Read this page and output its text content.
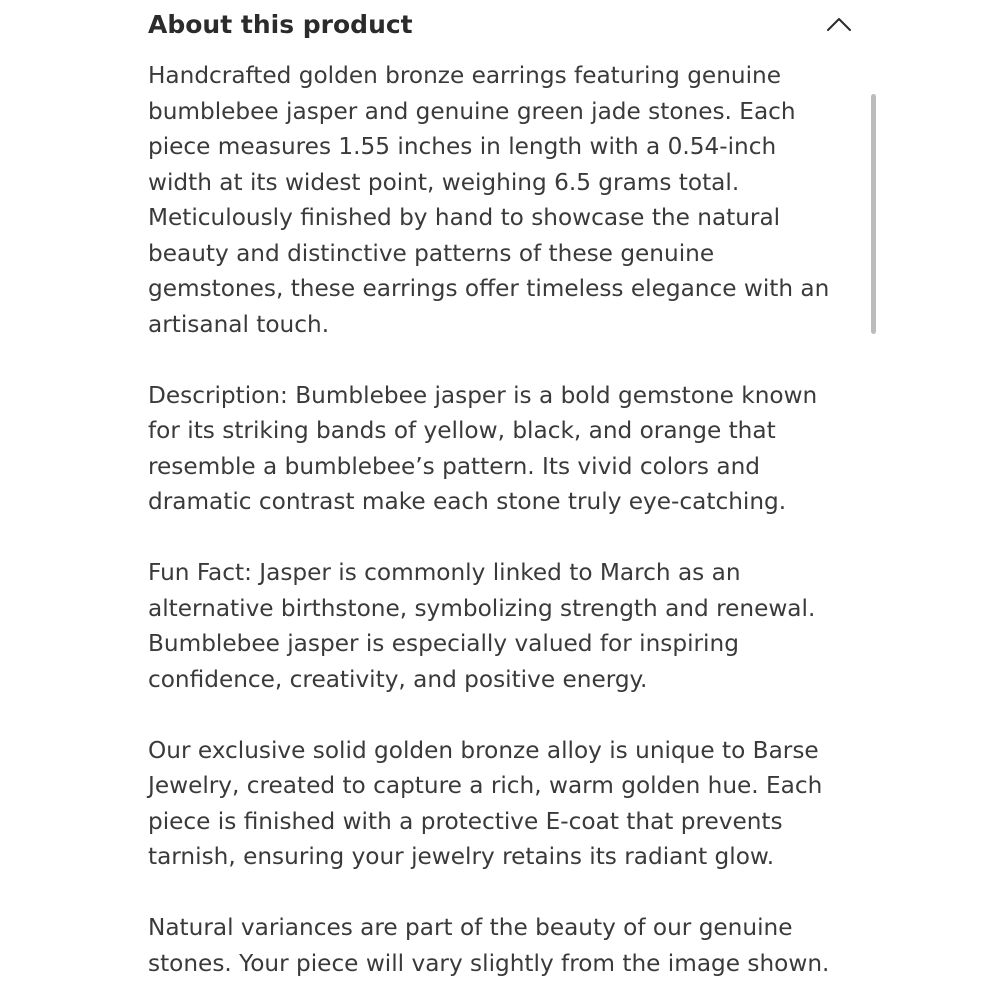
About this product

Handcrafted golden bronze earrings featuring genuine
bumblebee jasper and genuine green jade stones. Each
piece measures 1.55 inches in length with a 0.54-inch
width at its widest point, weighing 6.5 grams total.
Meticulously finished by hand to showcase the natural
beauty and distinctive patterns of these genuine
gemstones, these earrings offer timeless elegance with an
artisanal touch.

Description: Bumblebee jasper is a bold gemstone known
for its striking bands of yellow, black, and orange that
resemble a bumblebee’s pattern. Its vivid colors and
dramatic contrast make each stone truly eye-catching.

Fun Fact: Jasper is commonly linked to March as an
alternative birthstone, symbolizing strength and renewal.
Bumblebee jasper is especially valued for inspiring
confidence, creativity, and positive energy.

Our exclusive solid golden bronze alloy is unique to Barse
Jewelry, created to capture a rich, warm golden hue. Each
piece is finished with a protective E-coat that prevents
tarnish, ensuring your jewelry retains its radiant glow.

Natural variances are part of the beauty of our genuine
stones. Your piece will vary slightly from the image shown.
